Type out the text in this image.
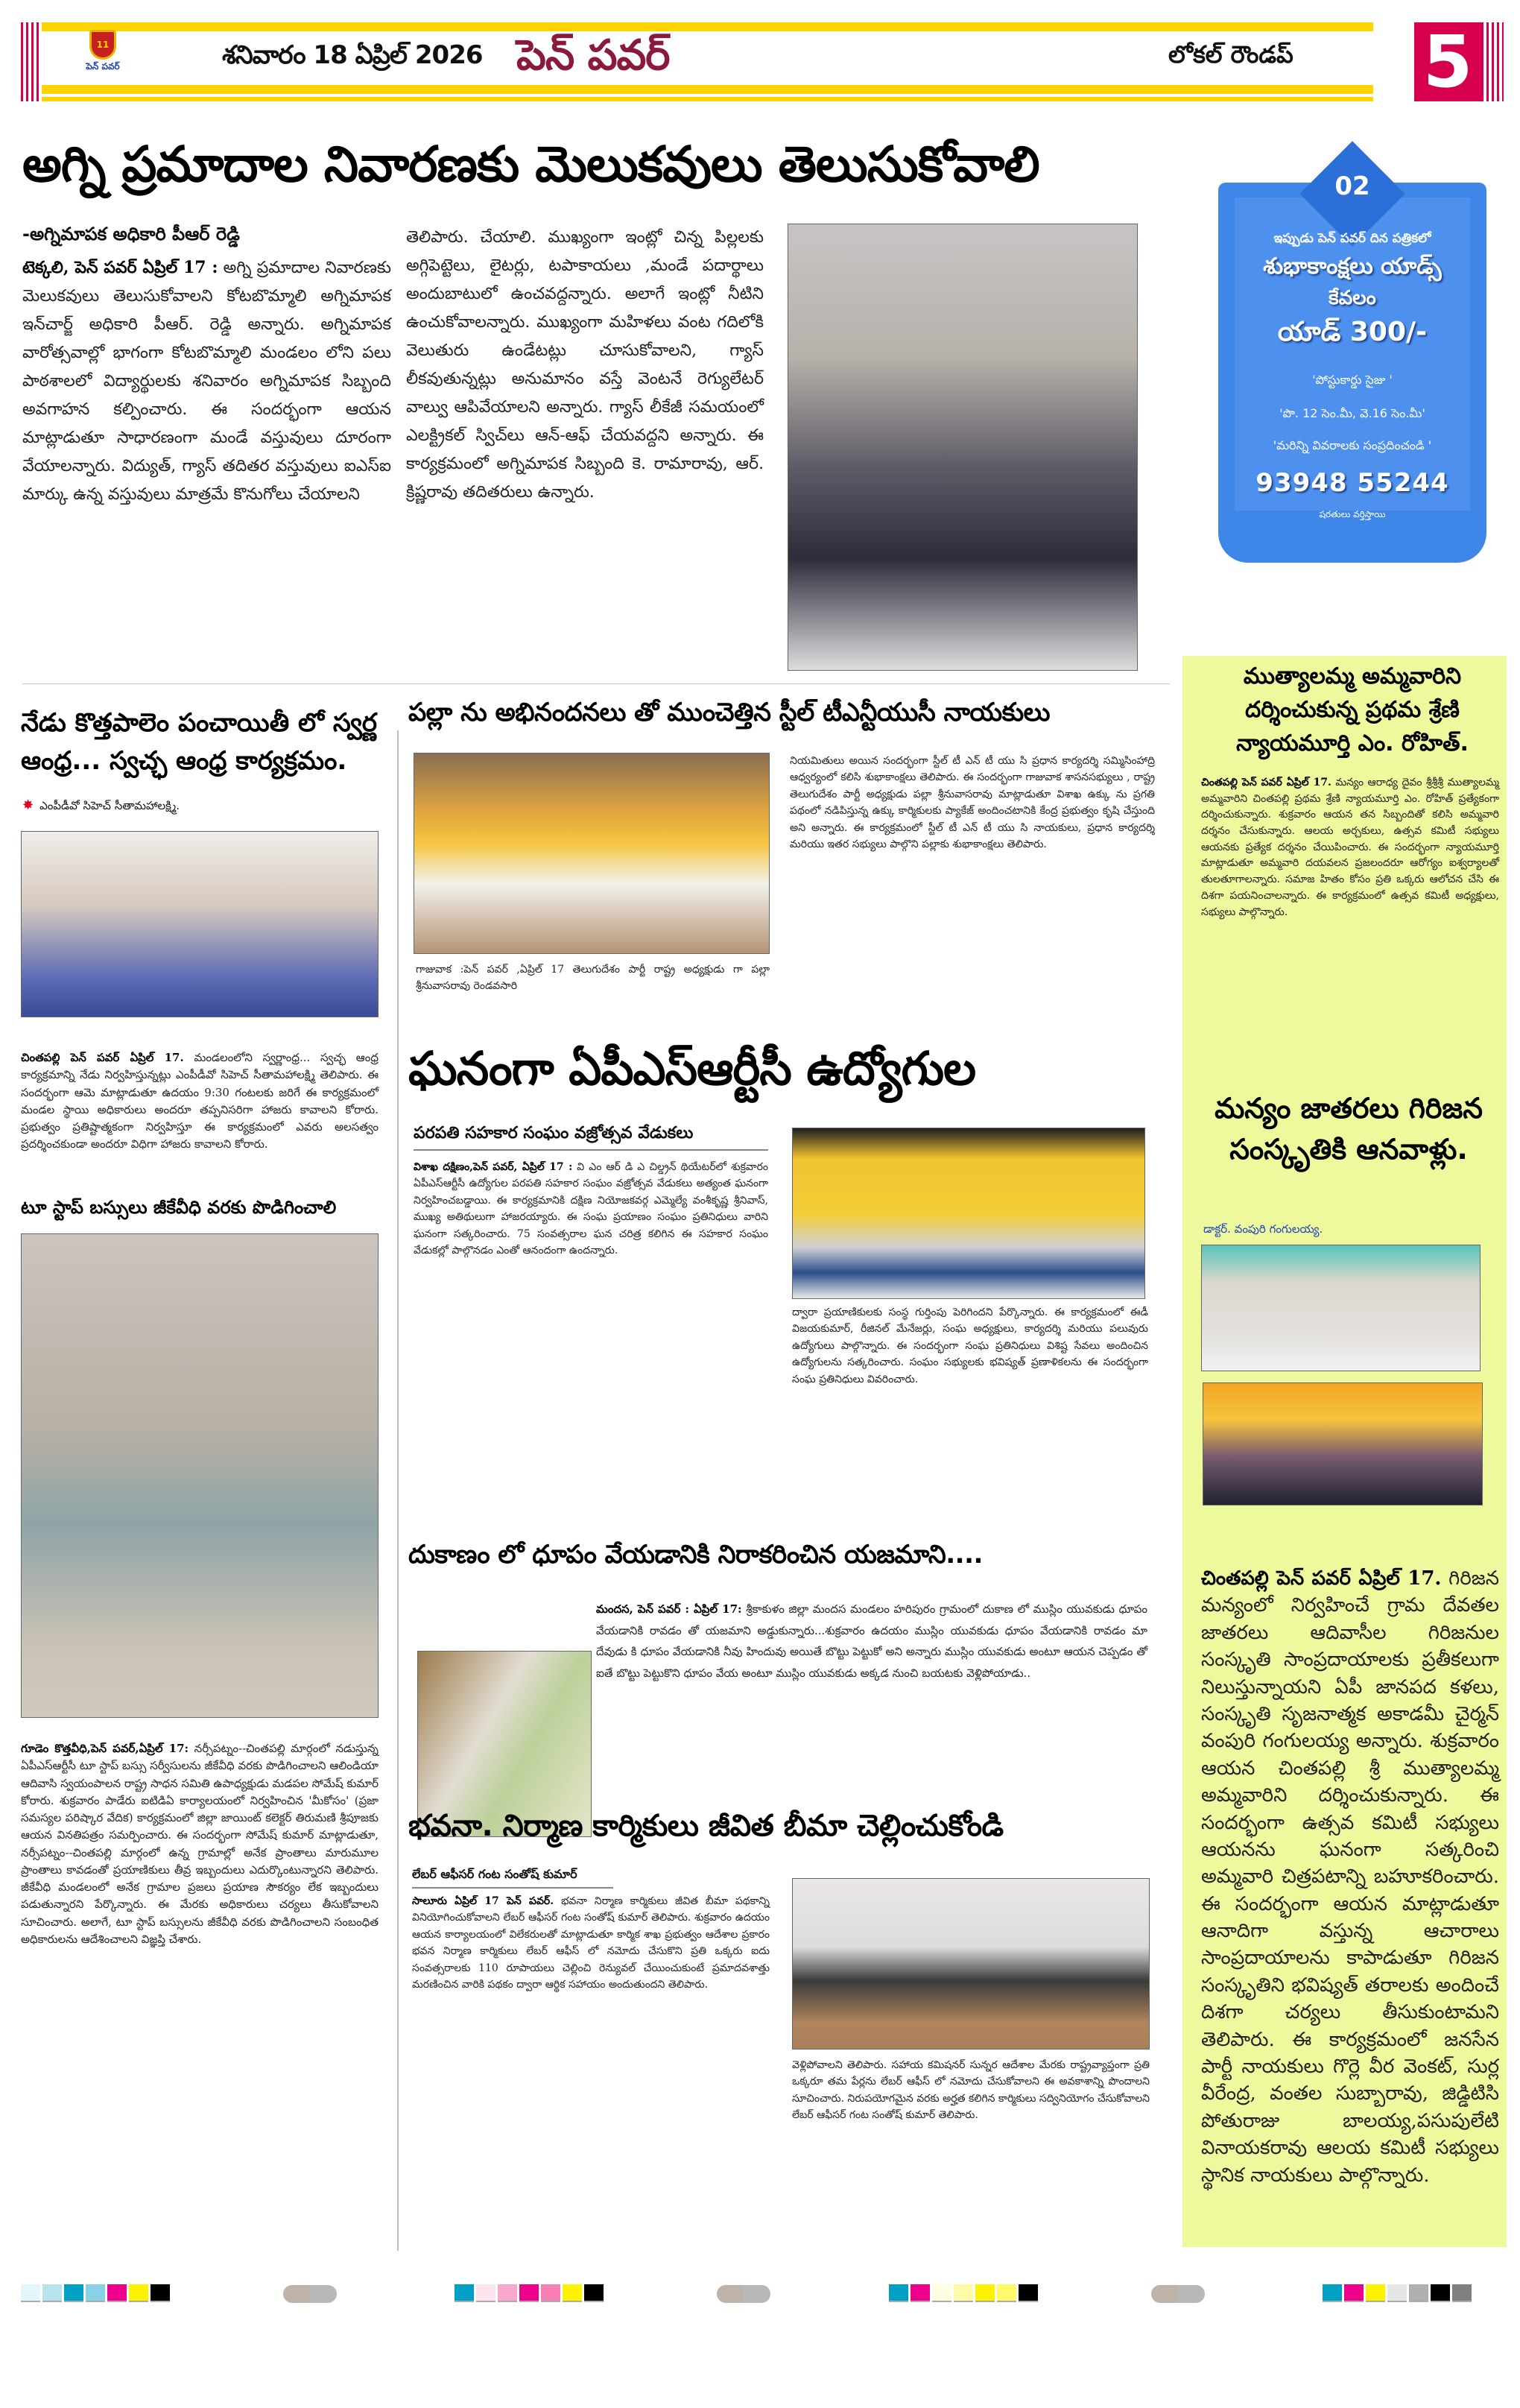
11
పెన్ పవర్	శనివారం 18 ఏప్రిల్ 2026 పెన్ పవర్	లోకల్ రౌండప్ 5
అగ్ని ప్రమాదాల నివారణకు మెలుకవులు తెలుసుకోవాలి
-అగ్నిమాపక అధికారి పీఆర్ రెడ్డి
టెక్కలి, పెన్ పవర్ ఏప్రిల్ 17 : అగ్ని ప్రమాదాల నివారణకు మెలుకవులు తెలుసుకోవాలని కోటబొమ్మాలి అగ్నిమాపక ఇన్‌చార్జ్ అధికారి పీఆర్. రెడ్డి అన్నారు. అగ్నిమాపక వారోత్సవాల్లో భాగంగా కోటబొమ్మాలి మండలం లోని పలు పాఠశాలలో విద్యార్థులకు శనివారం అగ్నిమాపక సిబ్బంది అవగాహన కల్పించారు. ఈ సందర్భంగా ఆయన మాట్లాడుతూ సాధారణంగా మండే వస్తువులు దూరంగా వేయాలన్నారు. విద్యుత్, గ్యాస్ తదితర వస్తువులు ఐఎస్ఐ మార్కు ఉన్న వస్తువులు మాత్రమే కొనుగోలు చేయాలని
తెలిపారు. చేయాలి. ముఖ్యంగా ఇంట్లో చిన్న పిల్లలకు అగ్గిపెట్టెలు, లైటర్లు, టపాకాయలు ,మండే పదార్థాలు అందుబాటులో ఉంచవద్దన్నారు. అలాగే ఇంట్లో నీటిని ఉంచుకోవాలన్నారు. ముఖ్యంగా మహిళలు వంట గదిలోకి వెలుతురు ఉండేటట్లు చూసుకోవాలని, గ్యాస్ లీకవుతున్నట్లు అనుమానం వస్తే వెంటనే రెగ్యులేటర్ వాల్వు ఆపివేయాలని అన్నారు. గ్యాస్ లీకేజీ సమయంలో ఎలక్ట్రికల్ స్విచ్‌లు ఆన్-ఆఫ్ చేయవద్దని అన్నారు. ఈ కార్యక్రమంలో అగ్నిమాపక సిబ్బంది కె. రామారావు, ఆర్. క్రిష్ణరావు తదితరులు ఉన్నారు.
02
ఇప్పుడు పెన్ పవర్ దిన పత్రికలో
శుభాకాంక్షలు యాడ్స్
కేవలం
యాడ్ 300/-
'పోస్టుకార్డు సైజు '
'పొ. 12 సెం.మీ, వె.16 సెం.మీ'
'మరిన్ని వివరాలకు సంప్రదించండి '
93948 55244
షరతులు వర్తిస్తాయి
నేడు కొత్తపాలెం పంచాయితీ లో స్వర్ణ ఆంధ్ర... స్వచ్ఛ ఆంధ్ర కార్యక్రమం.
✸ ఎంపీడీవో సిహెచ్ సీతామహాలక్ష్మి.
చింతపల్లి పెన్ పవర్ ఏప్రిల్ 17. మండలంలోని స్వర్ణాంధ్ర... స్వచ్ఛ ఆంధ్ర కార్యక్రమాన్ని నేడు నిర్వహిస్తున్నట్లు ఎంపీడీవో సిహెచ్ సీతామహాలక్ష్మి తెలిపారు. ఈ సందర్భంగా ఆమె మాట్లాడుతూ ఉదయం 9:30 గంటలకు జరిగే ఈ కార్యక్రమంలో మండల స్థాయి అధికారులు అందరూ తప్పనిసరిగా హాజరు కావాలని కోరారు. ప్రభుత్వం ప్రతిష్టాత్మకంగా నిర్వహిస్తూ ఈ కార్యక్రమంలో ఎవరు అలసత్వం ప్రదర్శించకుండా అందరూ విధిగా హాజరు కావాలని కోరారు.
టూ స్టాప్ బస్సులు జీకేవీధి వరకు పొడిగించాలి
గూడెం కొత్తవీధి,పెన్ పవర్,ఏప్రిల్ 17: నర్సీపట్నం--చింతపల్లి మార్గంలో నడుస్తున్న ఏపీఎస్ఆర్టీసీ టూ స్టాప్ బస్సు సర్వీసులను జీకేవీధి వరకు పొడిగించాలని ఆలిండియా ఆదివాసి స్వయంపాలన రాష్ట్ర సాధన సమితి ఉపాధ్యక్షుడు మడపల సోమేష్ కుమార్ కోరారు. శుక్రవారం పాడేరు ఐటిడిఏ కార్యాలయంలో నిర్వహించిన 'మీకోసం' (ప్రజా సమస్యల పరిష్కార వేదిక) కార్యక్రమంలో జిల్లా జాయింట్ కలెక్టర్ తిరుమణి శ్రీపూజకు ఆయన వినతిపత్రం సమర్పించారు. ఈ సందర్భంగా సోమేష్ కుమార్ మాట్లాడుతూ, నర్సీపట్నం--చింతపల్లి మార్గంలో ఉన్న గ్రామాల్లో అనేక ప్రాంతాలు మారుమూల ప్రాంతాలు కావడంతో ప్రయాణికులు తీవ్ర ఇబ్బందులు ఎదుర్కొంటున్నారని తెలిపారు. జీకేవీధి మండలంలో అనేక గ్రామాల ప్రజలు ప్రయాణ సౌకర్యం లేక ఇబ్బందులు పడుతున్నారని పేర్కొన్నారు. ఈ మేరకు అధికారులు చర్యలు తీసుకోవాలని సూచించారు. అలాగే, టూ స్టాప్ బస్సులను జీకేవీధి వరకు పొడిగించాలని సంబంధిత అధికారులను ఆదేశించాలని విజ్ఞప్తి చేశారు.
పల్లా ను అభినందనలు తో ముంచెత్తిన స్టీల్ టీఎన్టీయుసీ నాయకులు
గాజువాక :పెన్ పవర్ ,ఏప్రిల్ 17 తెలుగుదేశం పార్టీ రాష్ట్ర అధ్యక్షుడు గా పల్లా శ్రీనువాసరావు రెండవసారి
నియమితులు అయిన సందర్భంగా స్టీల్ టీ ఎన్ టీ యు సి ప్రధాన కార్యదర్శి సమ్మిసింహాద్రి ఆధ్వర్యంలో కలిసి శుభాకాంక్షలు తెలిపారు. ఈ సందర్భంగా గాజువాక శాసనసభ్యులు , రాష్ట్ర తెలుగుదేశం పార్టీ అధ్యక్షుడు పల్లా శ్రీనువాసరావు మాట్లాడుతూ విశాఖ ఉక్కు ను ప్రగతి పథంలో నడిపిస్తున్న ఉక్కు కార్మికులకు ప్యాకేజ్ అందించటానికి కేంద్ర ప్రభుత్వం కృషి చేస్తుంది అని అన్నారు. ఈ కార్యక్రమంలో స్టీల్ టీ ఎన్ టీ యు సి నాయకులు, ప్రధాన కార్యదర్శి మరియు ఇతర సభ్యులు పాల్గొని పల్లాకు శుభాకాంక్షలు తెలిపారు.
ఘనంగా ఏపీఎస్ఆర్టీసీ ఉద్యోగుల
పరపతి సహకార సంఘం వజ్రోత్సవ వేడుకలు
విశాఖ దక్షిణం,పెన్ పవర్, ఏప్రిల్ 17 : వి ఎం ఆర్ డి ఎ చిల్డ్రన్ థియేటర్‌లో శుక్రవారం ఏపీఎస్ఆర్టీసీ ఉద్యోగుల పరపతి సహకార సంఘం వజ్రోత్సవ వేడుకలు అత్యంత ఘనంగా నిర్వహించబడ్డాయి. ఈ కార్యక్రమానికి దక్షిణ నియోజకవర్గ ఎమ్మెల్యే వంశీకృష్ణ శ్రీనివాస్, ముఖ్య అతిథులుగా హాజరయ్యారు. ఈ సంఘ ప్రయాణం సంఘం ప్రతినిధులు వారిని ఘనంగా సత్కరించారు. 75 సంవత్సరాల ఘన చరిత్ర కలిగిన ఈ సహకార సంఘం వేడుకల్లో పాల్గొనడం ఎంతో ఆనందంగా ఉందన్నారు.
ద్వారా ప్రయాణికులకు సంస్థ గుర్తింపు పెరిగిందని పేర్కొన్నారు. ఈ కార్యక్రమంలో ఈడీ విజయకుమార్, రీజినల్ మేనేజర్లు, సంఘ అధ్యక్షులు, కార్యదర్శి మరియు పలువురు ఉద్యోగులు పాల్గొన్నారు. ఈ సందర్భంగా సంఘ ప్రతినిధులు విశిష్ట సేవలు అందించిన ఉద్యోగులను సత్కరించారు. సంఘం సభ్యులకు భవిష్యత్ ప్రణాళికలను ఈ సందర్భంగా సంఘ ప్రతినిధులు వివరించారు.
దుకాణం లో ధూపం వేయడానికి నిరాకరించిన యజమాని....
మందస, పెన్ పవర్ : ఏప్రిల్ 17: శ్రీకాకుళం జిల్లా మందస మండలం హరిపురం గ్రామంలో దుకాణ లో ముస్లిం యువకుడు ధూపం వేయడానికి రావడం తో యజమాని అడ్డుకున్నారు...శుక్రవారం ఉదయం ముస్లిం యువకుడు ధూపం వేయడానికి రావడం మా దేవుడు కి ధూపం వేయడానికి నీవు హిందువు అయితే బొట్టు పెట్టుకో అని అన్నారు ముస్లిం యువకుడు అంటూ ఆయన చెప్పడం తో ఐతే బొట్టు పెట్టుకొని ధూపం వేయ అంటూ ముస్లిం యువకుడు అక్కడ నుంచి బయటకు వెళ్లిపోయాడు..
భవనా. నిర్మాణ కార్మికులు జీవిత బీమా చెల్లించుకోండి
లేబర్ ఆఫీసర్ గంట సంతోష్ కుమార్
సాలూరు ఏప్రిల్ 17 పెన్ పవర్. భవనా నిర్మాణ కార్మికులు జీవిత బీమా పథకాన్ని వినియోగించుకోవాలని లేబర్ ఆఫీసర్ గంట సంతోష్ కుమార్ తెలిపారు. శుక్రవారం ఉదయం ఆయన కార్యాలయంలో విలేకరులతో మాట్లాడుతూ కార్మిక శాఖ ప్రభుత్వం ఆదేశాల ప్రకారం భవన నిర్మాణ కార్మికులు లేబర్ ఆఫీస్ లో నమోదు చేసుకొని ప్రతి ఒక్కరు ఐదు సంవత్సరాలకు 110 రూపాయలు చెల్లించి రెన్యువల్ చేయించుకుంటే ప్రమాదవశాత్తు మరణించిన వారికి పథకం ద్వారా ఆర్థిక సహాయం అందుతుందని తెలిపారు.
వెళ్లిపోవాలని తెలిపారు. సహాయ కమిషనర్ సున్నర ఆదేశాల మేరకు రాష్ట్రవ్యాప్తంగా ప్రతి ఒక్కరూ తమ పేర్లను లేబర్ ఆఫీస్ లో నమోదు చేసుకోవాలని ఈ అవకాశాన్ని పొందాలని సూచించారు. నిరుపయోగమైన వరకు అర్హత కలిగిన కార్మికులు సద్వినియోగం చేసుకోవాలని లేబర్ ఆఫీసర్ గంట సంతోష్ కుమార్ తెలిపారు.
ముత్యాలమ్మ అమ్మవారిని దర్శించుకున్న ప్రథమ శ్రేణి న్యాయమూర్తి ఎం. రోహిత్.
చింతపల్లి పెన్ పవర్ ఏప్రిల్ 17. మన్యం ఆరాధ్య దైవం శ్రీశ్రీశ్రీ ముత్యాలమ్మ అమ్మవారిని చింతపల్లి ప్రథమ శ్రేణి న్యాయమూర్తి ఎం. రోహిత్ ప్రత్యేకంగా దర్శించుకున్నారు. శుక్రవారం ఆయన తన సిబ్బందితో కలిసి అమ్మవారి దర్శనం చేసుకున్నారు. ఆలయ అర్చకులు, ఉత్సవ కమిటీ సభ్యులు ఆయనకు ప్రత్యేక దర్శనం చేయిపించారు. ఈ సందర్భంగా న్యాయమూర్తి మాట్లాడుతూ అమ్మవారి దయవలన ప్రజలందరూ ఆరోగ్యం ఐశ్వర్యాలతో తులతూగాలన్నారు. సమాజ హితం కోసం ప్రతి ఒక్కరు ఆలోచన చేసి ఈ దిశగా పయనించాలన్నారు. ఈ కార్యక్రమంలో ఉత్సవ కమిటీ అధ్యక్షులు, సభ్యులు పాల్గొన్నారు.
మన్యం జాతరలు గిరిజన సంస్కృతికి ఆనవాళ్లు.
డాక్టర్. వంపురి గంగులయ్య.
చింతపల్లి పెన్ పవర్ ఏప్రిల్ 17. గిరిజన మన్యంలో నిర్వహించే గ్రామ దేవతల జాతరలు ఆదివాసీల గిరిజనుల సంస్కృతి సాంప్రదాయాలకు ప్రతీకలుగా నిలుస్తున్నాయని ఏపీ జానపద కళలు, సంస్కృతి సృజనాత్మక అకాడమీ చైర్మన్ వంపురి గంగులయ్య అన్నారు. శుక్రవారం ఆయన చింతపల్లి శ్రీ ముత్యాలమ్మ అమ్మవారిని దర్శించుకున్నారు. ఈ సందర్భంగా ఉత్సవ కమిటీ సభ్యులు ఆయనను ఘనంగా సత్కరించి అమ్మవారి చిత్రపటాన్ని బహూకరించారు. ఈ సందర్భంగా ఆయన మాట్లాడుతూ ఆనాదిగా వస్తున్న ఆచారాలు సాంప్రదాయాలను కాపాడుతూ గిరిజన సంస్కృతిని భవిష్యత్ తరాలకు అందించే దిశగా చర్యలు తీసుకుంటామని తెలిపారు. ఈ కార్యక్రమంలో జనసేన పార్టీ నాయకులు గొర్లె వీర వెంకట్, సుర్ల వీరేంద్ర, వంతల సుబ్బారావు, జిడ్డిటిసి పోతురాజు బాలయ్య,పసుపులేటి వినాయకరావు ఆలయ కమిటీ సభ్యులు స్థానిక నాయకులు పాల్గొన్నారు.
